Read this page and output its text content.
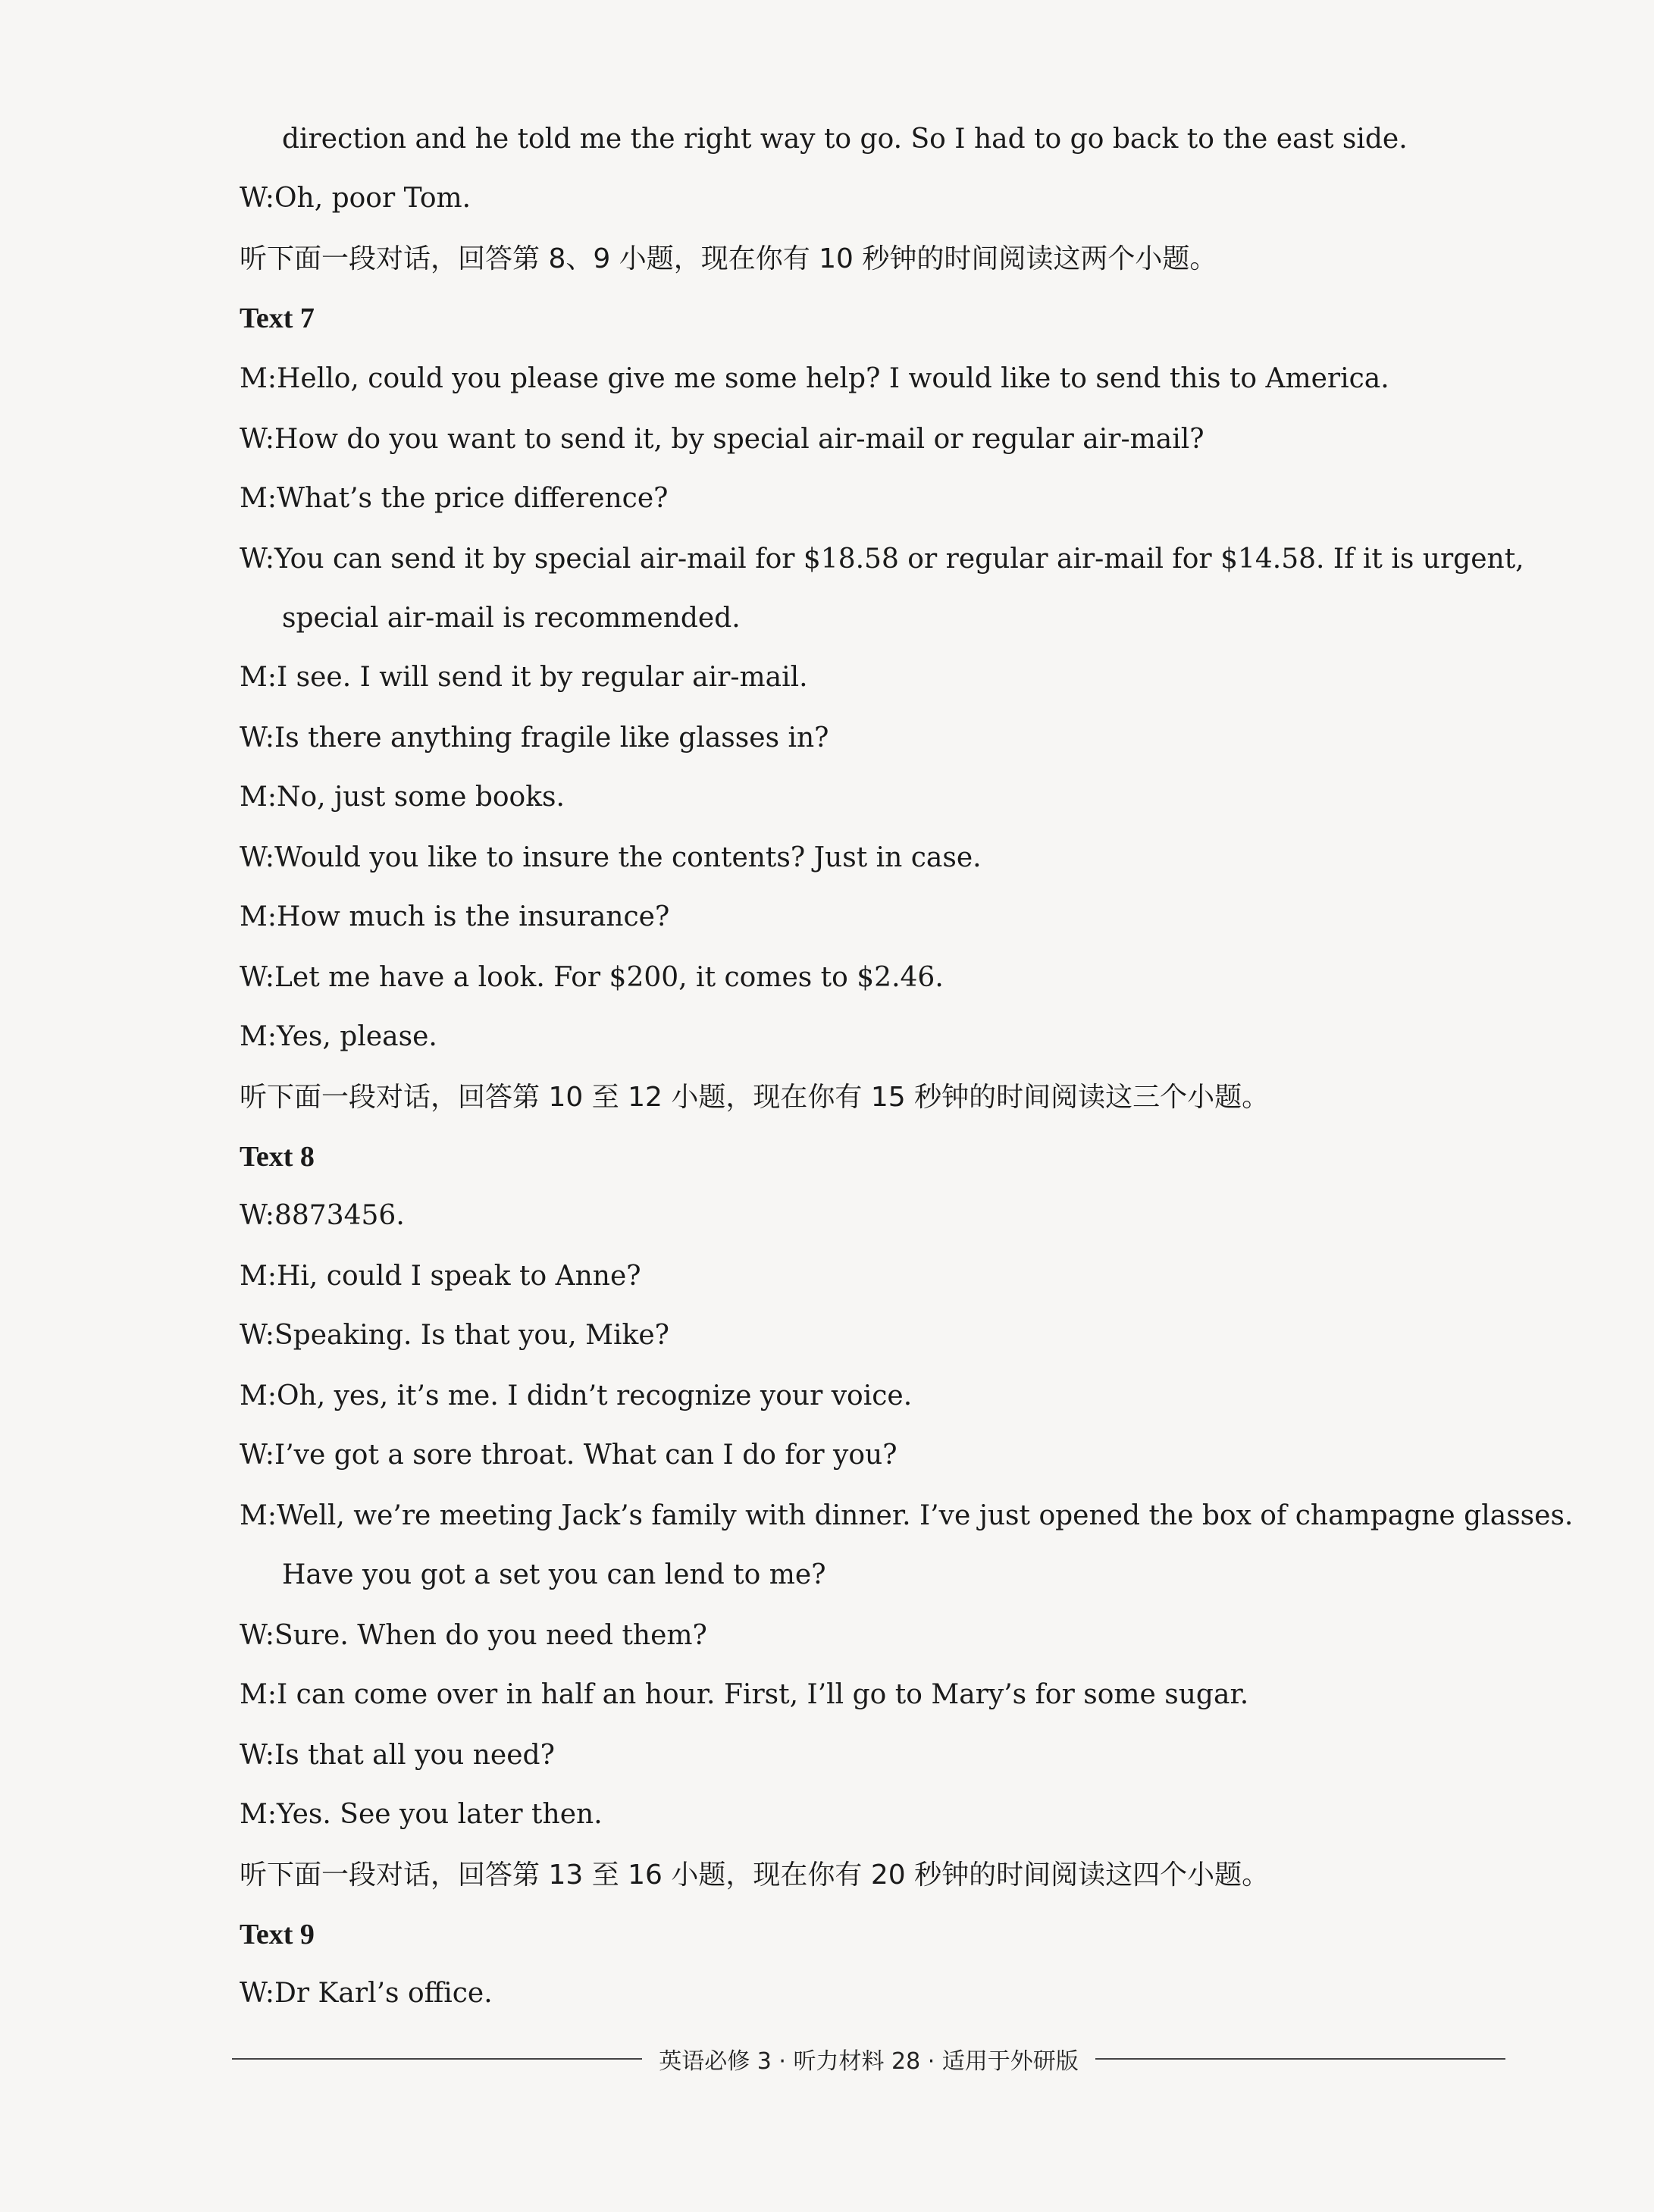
direction and he told me the right way to go. So I had to go back to the east side.
W:Oh, poor Tom.
听下面一段对话，回答第 8、9 小题，现在你有 10 秒钟的时间阅读这两个小题。
Text 7
M:Hello, could you please give me some help? I would like to send this to America.
W:How do you want to send it, by special air-mail or regular air-mail?
M:What’s the price difference?
W:You can send it by special air-mail for $18.58 or regular air-mail for $14.58. If it is urgent,
special air-mail is recommended.
M:I see. I will send it by regular air-mail.
W:Is there anything fragile like glasses in?
M:No, just some books.
W:Would you like to insure the contents? Just in case.
M:How much is the insurance?
W:Let me have a look. For $200, it comes to $2.46.
M:Yes, please.
听下面一段对话，回答第 10 至 12 小题，现在你有 15 秒钟的时间阅读这三个小题。
Text 8
W:8873456.
M:Hi, could I speak to Anne?
W:Speaking. Is that you, Mike?
M:Oh, yes, it’s me. I didn’t recognize your voice.
W:I’ve got a sore throat. What can I do for you?
M:Well, we’re meeting Jack’s family with dinner. I’ve just opened the box of champagne glasses.
Have you got a set you can lend to me?
W:Sure. When do you need them?
M:I can come over in half an hour. First, I’ll go to Mary’s for some sugar.
W:Is that all you need?
M:Yes. See you later then.
听下面一段对话，回答第 13 至 16 小题，现在你有 20 秒钟的时间阅读这四个小题。
Text 9
W:Dr Karl’s office.
英语必修 3 · 听力材料 28 · 适用于外研版
